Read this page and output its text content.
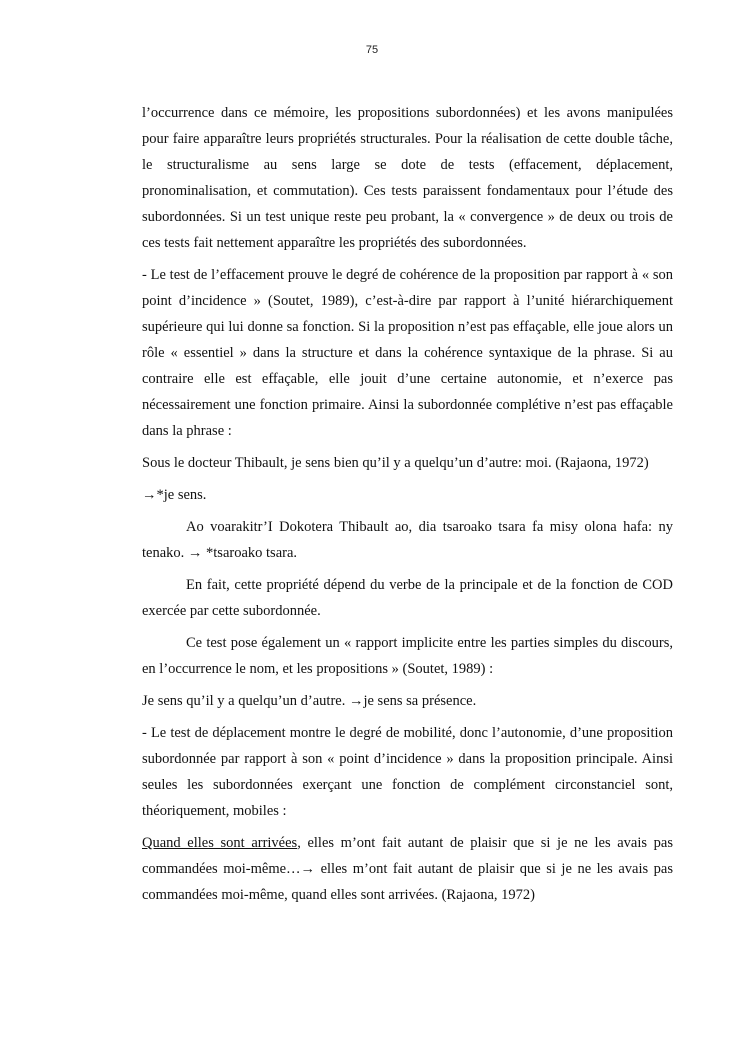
75

l’occurrence dans ce mémoire, les propositions subordonnées) et les avons manipulées pour faire apparaître leurs propriétés structurales. Pour la réalisation de cette double tâche, le structuralisme au sens large se dote de tests (effacement, déplacement, pronominalisation, et commutation). Ces tests paraissent fondamentaux pour l’étude des subordonnées. Si un test unique reste peu probant, la « convergence » de deux ou trois de ces tests fait nettement apparaître les propriétés des subordonnées.

- Le test de l’effacement prouve le degré de cohérence de la proposition par rapport à « son point d’incidence » (Soutet, 1989), c’est-à-dire par rapport à l’unité hiérarchiquement supérieure qui lui donne sa fonction. Si la proposition n’est pas effaçable, elle joue alors un rôle « essentiel » dans la structure et dans la cohérence syntaxique de la phrase. Si au contraire elle est effaçable, elle jouit d’une certaine autonomie, et n’exerce pas nécessairement une fonction primaire. Ainsi la subordonnée complétive n’est pas effaçable dans la phrase :

Sous le docteur Thibault, je sens bien qu’il y a quelqu’un d’autre: moi. (Rajaona, 1972)

→*je sens.

Ao voarakitr’I Dokotera Thibault ao, dia tsaroako tsara fa misy olona hafa: ny tenako. → *tsaroako tsara.

En fait, cette propriété dépend du verbe de la principale et de la fonction de COD exercée par cette subordonnée.

Ce test pose également un « rapport implicite entre les parties simples du discours, en l’occurrence le nom, et les propositions » (Soutet, 1989) :

Je sens qu’il y a quelqu’un d’autre. →je sens sa présence.

- Le test de déplacement montre le degré de mobilité, donc l’autonomie, d’une proposition subordonnée par rapport à son « point d’incidence » dans la proposition principale. Ainsi seules les subordonnées exerçant une fonction de complément circonstanciel sont, théoriquement, mobiles :

Quand elles sont arrivées, elles m’ont fait autant de plaisir que si je ne les avais pas commandées moi-même…→ elles m’ont fait autant de plaisir que si je ne les avais pas commandées moi-même, quand elles sont arrivées. (Rajaona, 1972)
